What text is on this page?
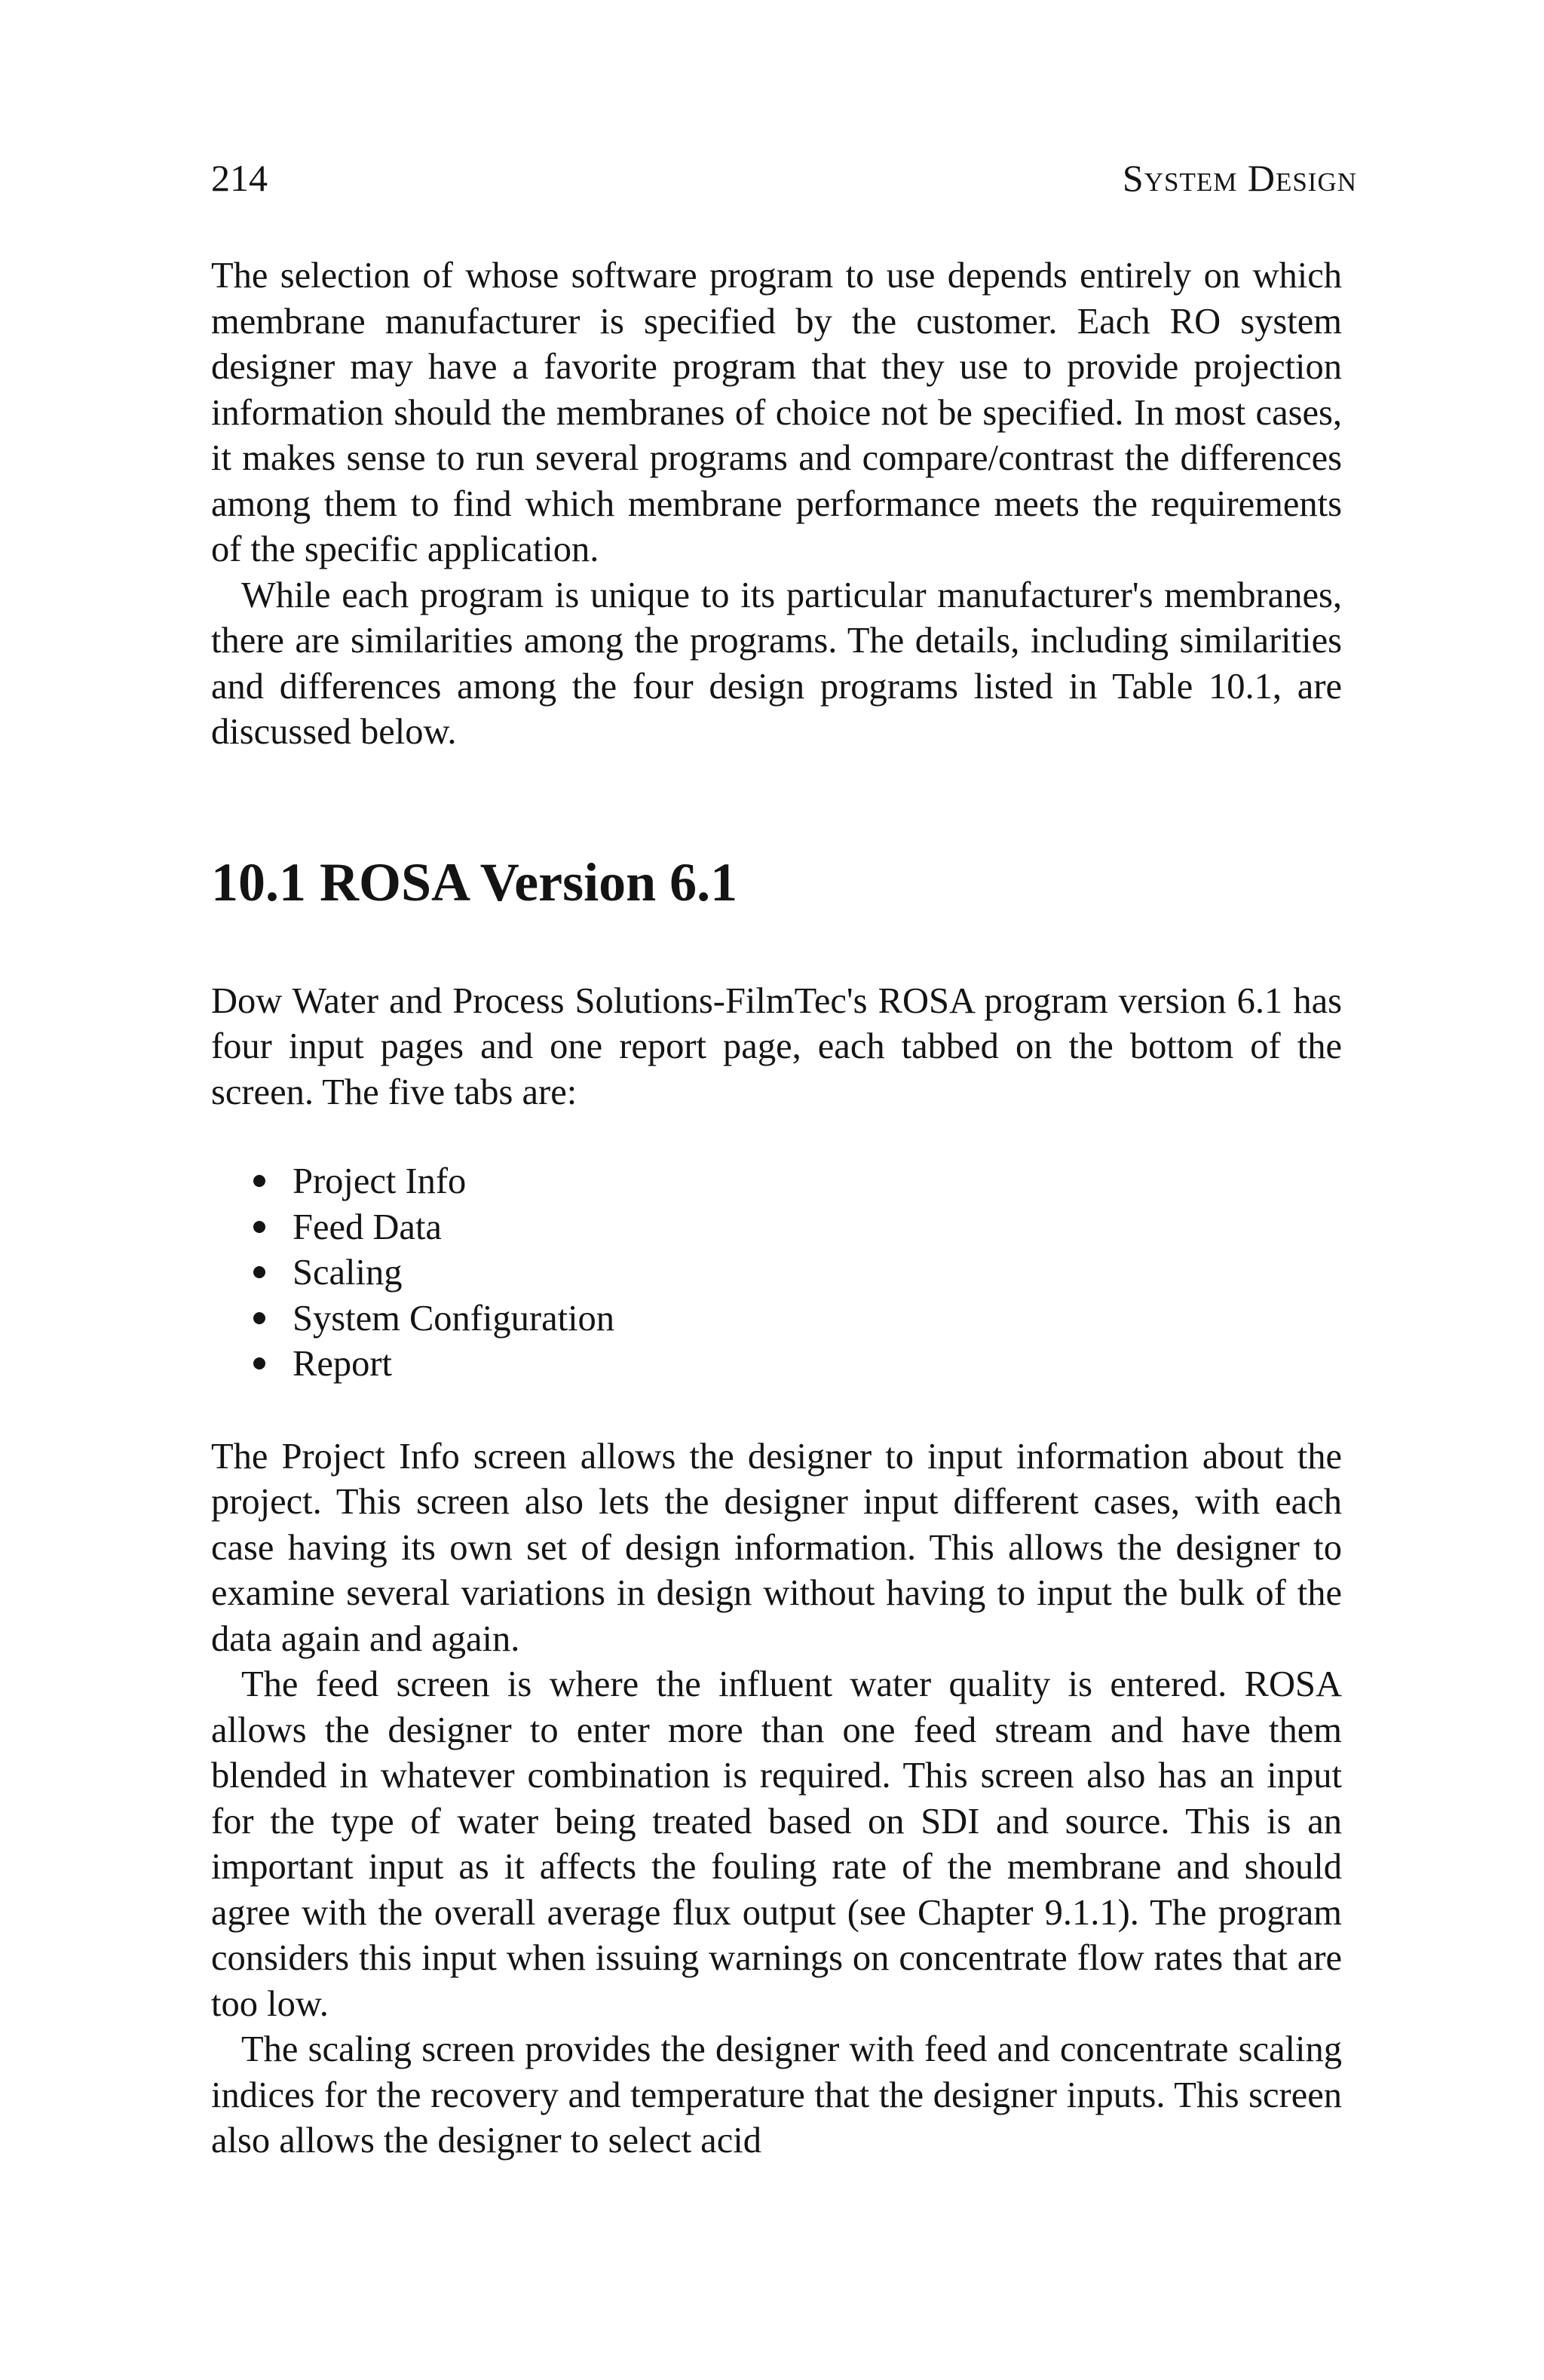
214	System Design

The selection of whose software program to use depends entirely on which membrane manufacturer is specified by the customer. Each RO system designer may have a favorite program that they use to provide projection information should the membranes of choice not be specified. In most cases, it makes sense to run several programs and compare/contrast the differences among them to find which membrane performance meets the requirements of the specific application.

While each program is unique to its particular manufacturer's membranes, there are similarities among the programs. The details, including similarities and differences among the four design programs listed in Table 10.1, are discussed below.

10.1 ROSA Version 6.1

Dow Water and Process Solutions-FilmTec's ROSA program version 6.1 has four input pages and one report page, each tabbed on the bottom of the screen. The five tabs are:

Project Info
Feed Data
Scaling
System Configuration
Report

The Project Info screen allows the designer to input information about the project. This screen also lets the designer input different cases, with each case having its own set of design information. This allows the designer to examine several variations in design without having to input the bulk of the data again and again.

The feed screen is where the influent water quality is entered. ROSA allows the designer to enter more than one feed stream and have them blended in whatever combination is required. This screen also has an input for the type of water being treated based on SDI and source. This is an important input as it affects the fouling rate of the membrane and should agree with the overall average flux output (see Chapter 9.1.1). The program considers this input when issuing warnings on concentrate flow rates that are too low.

The scaling screen provides the designer with feed and concentrate scaling indices for the recovery and temperature that the designer inputs. This screen also allows the designer to select acid
